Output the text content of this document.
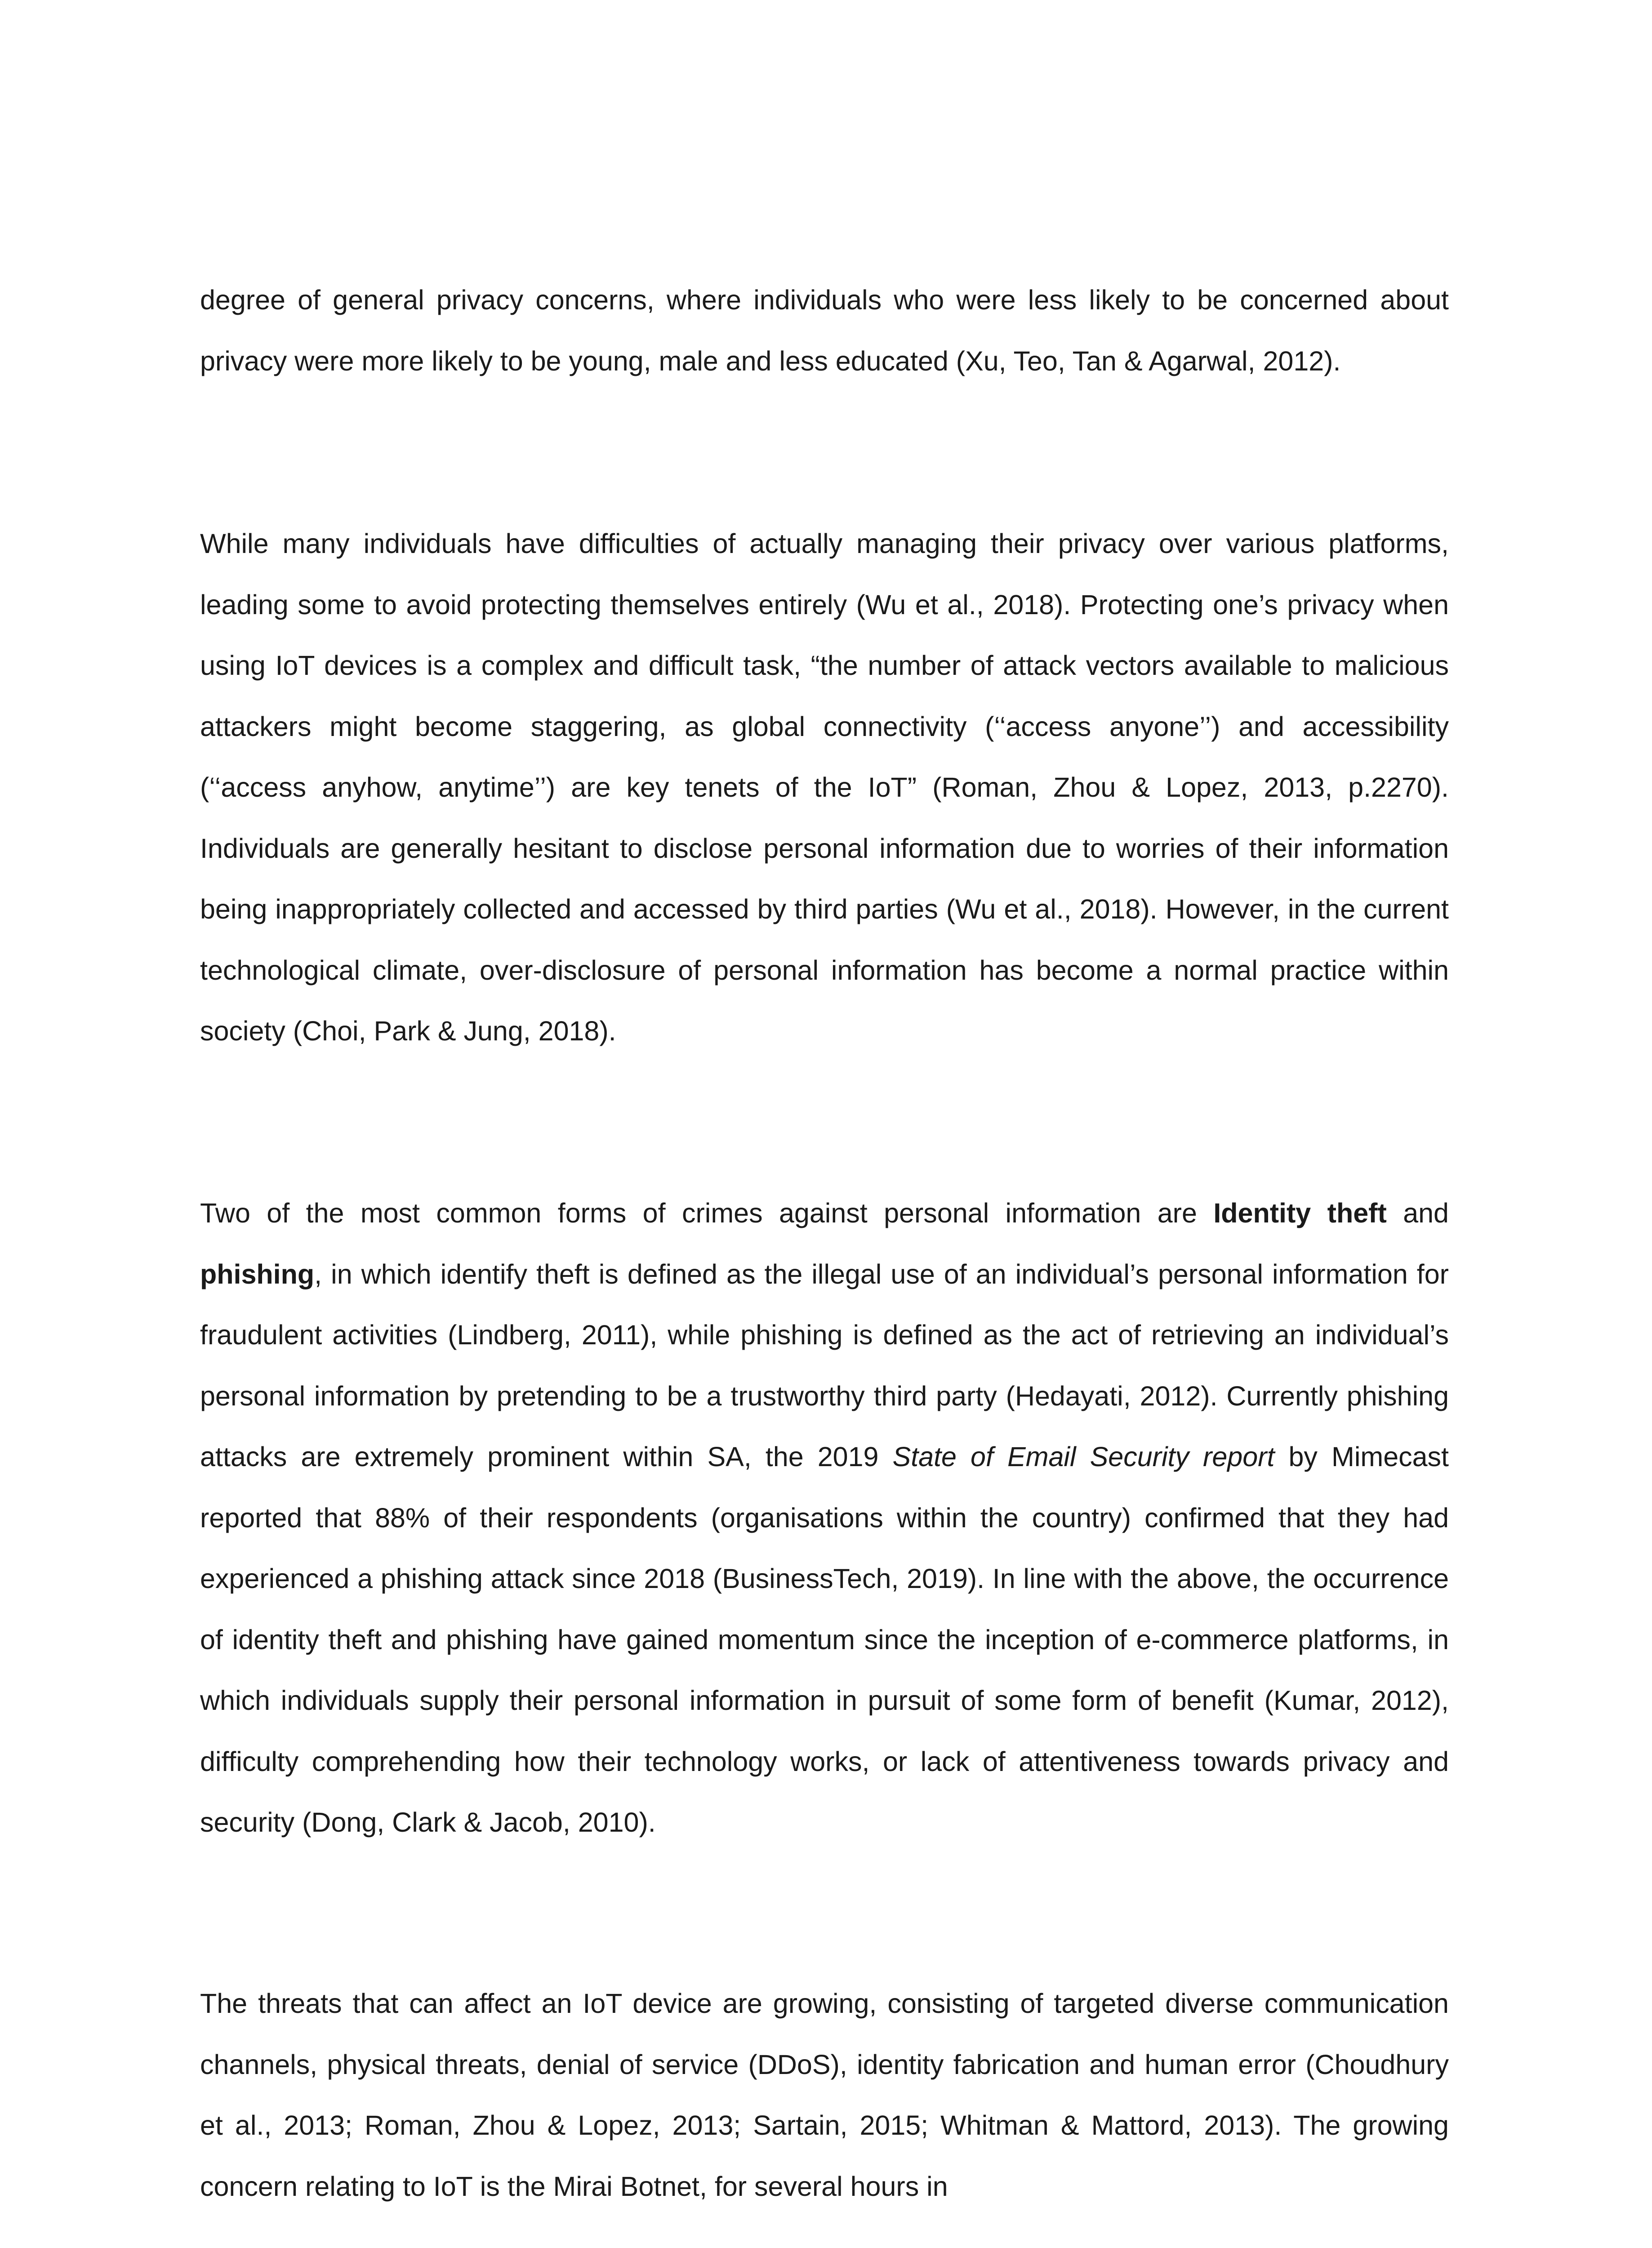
degree of general privacy concerns, where individuals who were less likely to be concerned about privacy were more likely to be young, male and less educated (Xu, Teo, Tan & Agarwal, 2012).

While many individuals have difficulties of actually managing their privacy over various platforms, leading some to avoid protecting themselves entirely (Wu et al., 2018). Protecting one’s privacy when using IoT devices is a complex and difficult task, “the number of attack vectors available to malicious attackers might become staggering, as global connectivity (‘‘access anyone’’) and accessibility (‘‘access anyhow, anytime’’) are key tenets of the IoT” (Roman, Zhou & Lopez, 2013, p.2270). Individuals are generally hesitant to disclose personal information due to worries of their information being inappropriately collected and accessed by third parties (Wu et al., 2018). However, in the current technological climate, over-disclosure of personal information has become a normal practice within society (Choi, Park & Jung, 2018).

Two of the most common forms of crimes against personal information are Identity theft and phishing, in which identify theft is defined as the illegal use of an individual’s personal information for fraudulent activities (Lindberg, 2011), while phishing is defined as the act of retrieving an individual’s personal information by pretending to be a trustworthy third party (Hedayati, 2012). Currently phishing attacks are extremely prominent within SA, the 2019 State of Email Security report by Mimecast reported that 88% of their respondents (organisations within the country) confirmed that they had experienced a phishing attack since 2018 (BusinessTech, 2019). In line with the above, the occurrence of identity theft and phishing have gained momentum since the inception of e-commerce platforms, in which individuals supply their personal information in pursuit of some form of benefit (Kumar, 2012), difficulty comprehending how their technology works, or lack of attentiveness towards privacy and security (Dong, Clark & Jacob, 2010).

The threats that can affect an IoT device are growing, consisting of targeted diverse communication channels, physical threats, denial of service (DDoS), identity fabrication and human error (Choudhury et al., 2013; Roman, Zhou & Lopez, 2013; Sartain, 2015; Whitman & Mattord, 2013). The growing concern relating to IoT is the Mirai Botnet, for several hours in
